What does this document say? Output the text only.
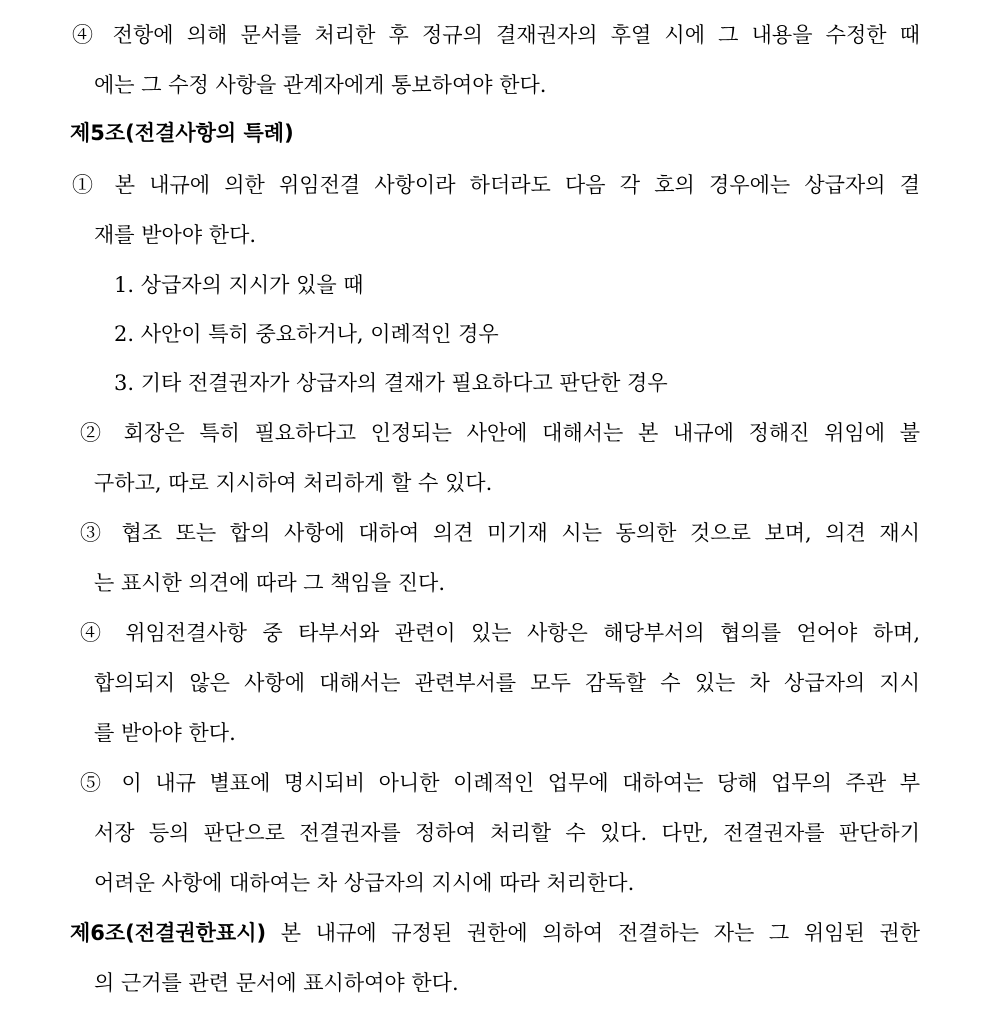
④ 전항에 의해 문서를 처리한 후 정규의 결재권자의 후열 시에 그 내용을 수정한 때

에는 그 수정 사항을 관계자에게 통보하여야 한다.

제5조(전결사항의 특례)

① 본 내규에 의한 위임전결 사항이라 하더라도 다음 각 호의 경우에는 상급자의 결

재를 받아야 한다.

1. 상급자의 지시가 있을 때

2. 사안이 특히 중요하거나, 이례적인 경우

3. 기타 전결권자가 상급자의 결재가 필요하다고 판단한 경우

② 회장은 특히 필요하다고 인정되는 사안에 대해서는 본 내규에 정해진 위임에 불

구하고, 따로 지시하여 처리하게 할 수 있다.

③ 협조 또는 합의 사항에 대하여 의견 미기재 시는 동의한 것으로 보며, 의견 재시

는 표시한 의견에 따라 그 책임을 진다.

④ 위임전결사항 중 타부서와 관련이 있는 사항은 해당부서의 협의를 얻어야 하며,

합의되지 않은 사항에 대해서는 관련부서를 모두 감독할 수 있는 차 상급자의 지시

를 받아야 한다.

⑤ 이 내규 별표에 명시되비 아니한 이례적인 업무에 대하여는 당해 업무의 주관 부

서장 등의 판단으로 전결권자를 정하여 처리할 수 있다. 다만, 전결권자를 판단하기

어려운 사항에 대하여는 차 상급자의 지시에 따라 처리한다.

제6조(전결권한표시) 본 내규에 규정된 권한에 의하여 전결하는 자는 그 위임된 권한

의 근거를 관련 문서에 표시하여야 한다.
